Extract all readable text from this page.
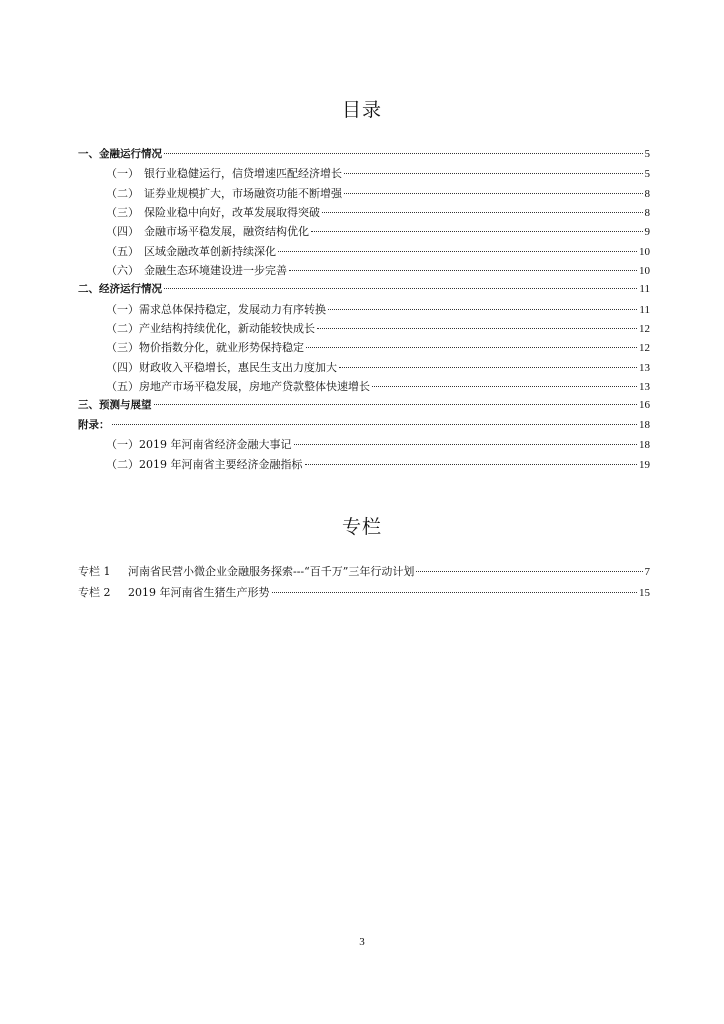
目录
一、金融运行情况	5
（一） 银行业稳健运行，信贷增速匹配经济增长	5
（二） 证券业规模扩大，市场融资功能不断增强	8
（三） 保险业稳中向好，改革发展取得突破	8
（四） 金融市场平稳发展，融资结构优化	9
（五） 区域金融改革创新持续深化	10
（六） 金融生态环境建设进一步完善	10
二、经济运行情况	11
（一） 需求总体保持稳定，发展动力有序转换	11
（二） 产业结构持续优化，新动能较快成长	12
（三） 物价指数分化，就业形势保持稳定	12
（四） 财政收入平稳增长，惠民生支出力度加大	13
（五） 房地产市场平稳发展，房地产贷款整体快速增长	13
三、预测与展望	16
附录：	18
（一） 2019 年河南省经济金融大事记	18
（二） 2019 年河南省主要经济金融指标	19
专栏
专栏 1	河南省民营小微企业金融服务探索---“百千万”三年行动计划	7
专栏 2	2019 年河南省生猪生产形势	15
3
